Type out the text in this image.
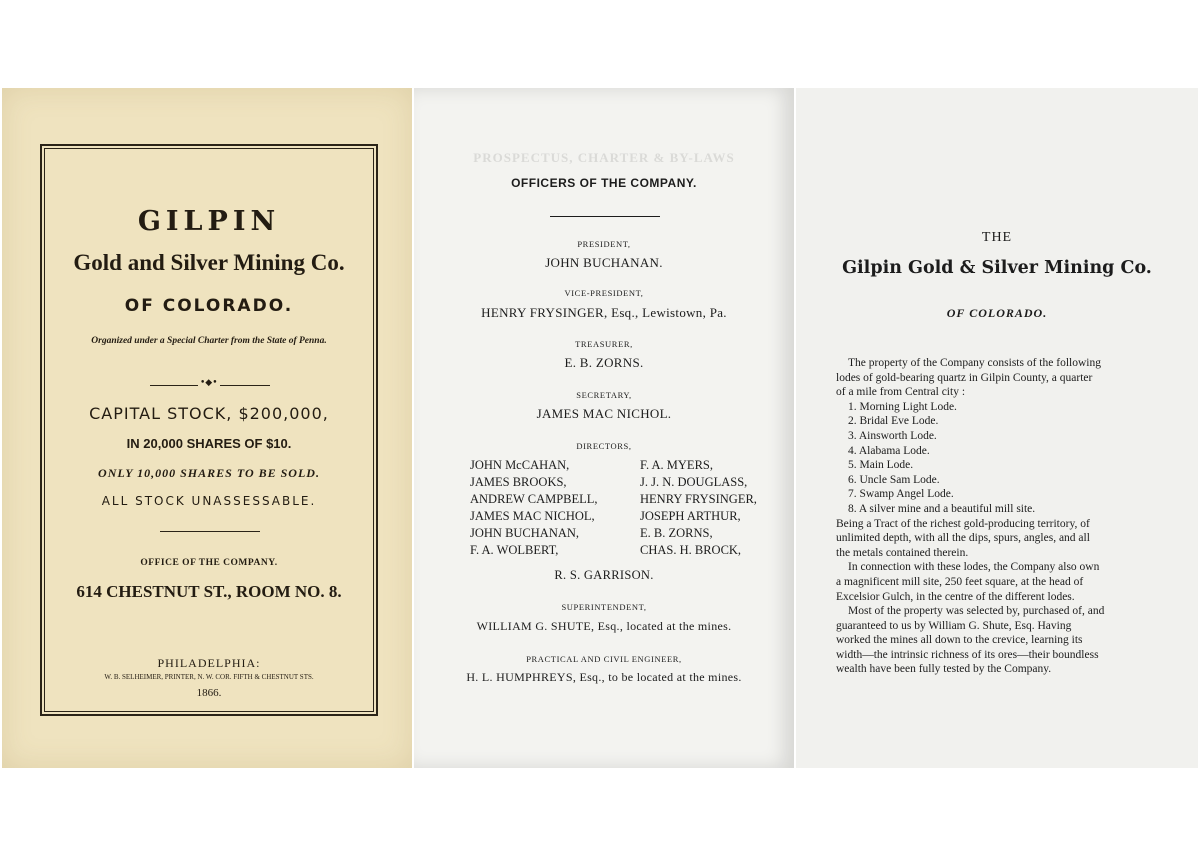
GILPIN
Gold and Silver Mining Co.
OF COLORADO.
Organized under a Special Charter from the State of Penna.
•◆•
CAPITAL STOCK, $200,000,
IN 20,000 SHARES OF $10.
ONLY 10,000 SHARES TO BE SOLD.
ALL STOCK UNASSESSABLE.
OFFICE OF THE COMPANY.
614 CHESTNUT ST., ROOM NO. 8.
PHILADELPHIA:
W. B. SELHEIMER, PRINTER, N. W. COR. FIFTH & CHESTNUT STS.
1866.
PROSPECTUS, CHARTER & BY-LAWS
OFFICERS OF THE COMPANY.
PRESIDENT,
JOHN BUCHANAN.
VICE-PRESIDENT,
HENRY FRYSINGER, Esq., Lewistown, Pa.
TREASURER,
E. B. ZORNS.
SECRETARY,
JAMES MAC NICHOL.
DIRECTORS,
JOHN McCAHAN,
JAMES BROOKS,
ANDREW CAMPBELL,
JAMES MAC NICHOL,
JOHN BUCHANAN,
F. A. WOLBERT,
F. A. MYERS,
J. J. N. DOUGLASS,
HENRY FRYSINGER,
JOSEPH ARTHUR,
E. B. ZORNS,
CHAS. H. BROCK,
R. S. GARRISON.
SUPERINTENDENT,
WILLIAM G. SHUTE, Esq., located at the mines.
PRACTICAL AND CIVIL ENGINEER,
H. L. HUMPHREYS, Esq., to be located at the mines.
THE
Gilpin Gold & Silver Mining Co.
OF COLORADO.
The property of the Company consists of the following
lodes of gold-bearing quartz in Gilpin County, a quarter
of a mile from Central city :
1. Morning Light Lode.
2. Bridal Eve Lode.
3. Ainsworth Lode.
4. Alabama Lode.
5. Main Lode.
6. Uncle Sam Lode.
7. Swamp Angel Lode.
8. A silver mine and a beautiful mill site.
Being a Tract of the richest gold-producing territory, of
unlimited depth, with all the dips, spurs, angles, and all
the metals contained therein.
In connection with these lodes, the Company also own
a magnificent mill site, 250 feet square, at the head of
Excelsior Gulch, in the centre of the different lodes.
Most of the property was selected by, purchased of, and
guaranteed to us by William G. Shute, Esq. Having
worked the mines all down to the crevice, learning its
width—the intrinsic richness of its ores—their boundless
wealth have been fully tested by the Company.
